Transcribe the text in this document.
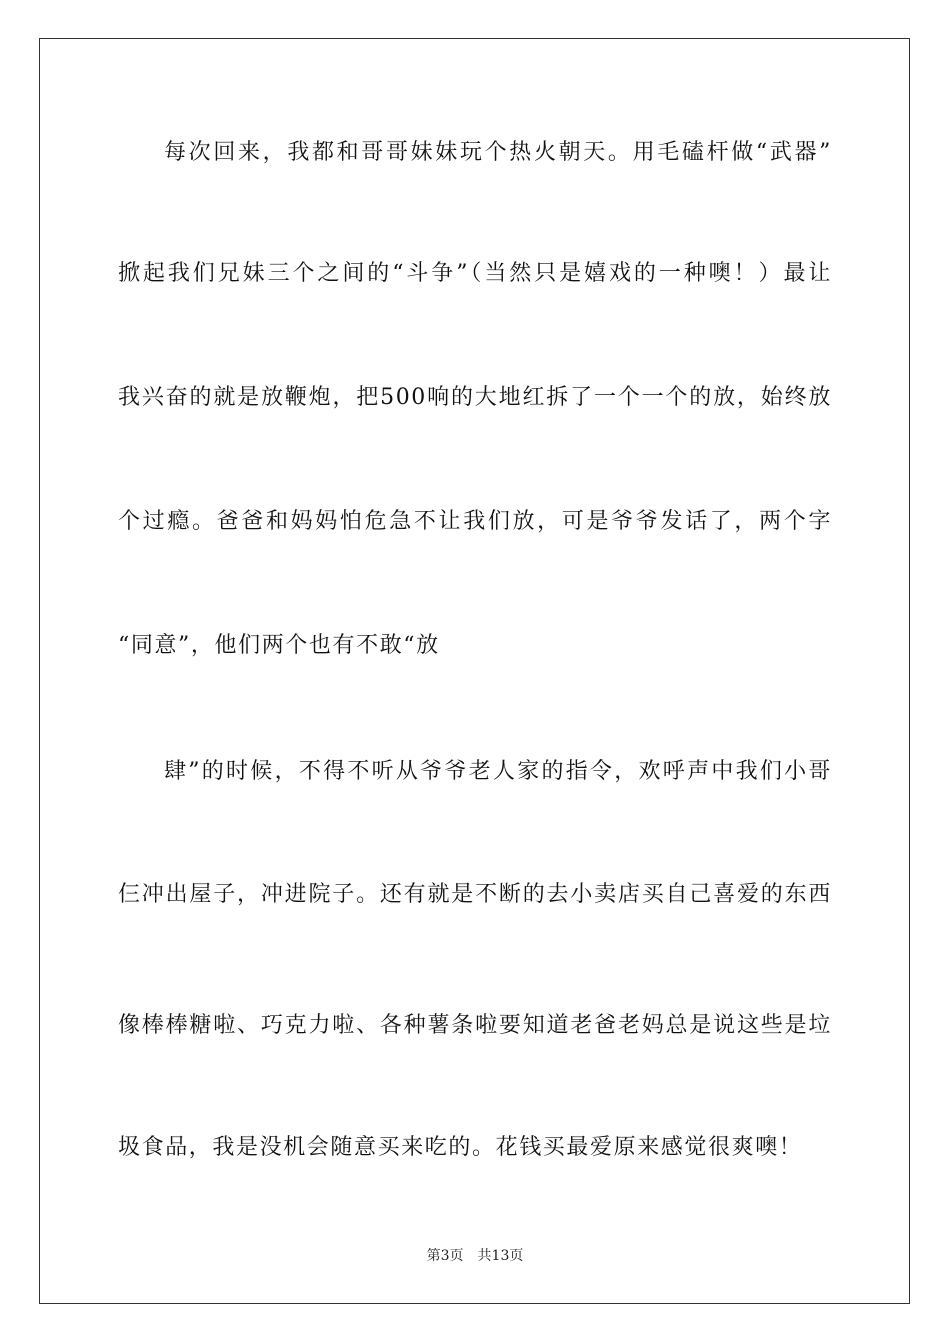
每次回来，我都和哥哥妹妹玩个热火朝天。用毛磕杆做“武器”
掀起我们兄妹三个之间的“斗争”（当然只是嬉戏的一种噢！）最让
我兴奋的就是放鞭炮，把500响的大地红拆了一个一个的放，始终放
个过瘾。爸爸和妈妈怕危急不让我们放，可是爷爷发话了，两个字
“同意”，他们两个也有不敢“放
肆”的时候，不得不听从爷爷老人家的指令，欢呼声中我们小哥
仨冲出屋子，冲进院子。还有就是不断的去小卖店买自己喜爱的东西
像棒棒糖啦、巧克力啦、各种薯条啦要知道老爸老妈总是说这些是垃
圾食品，我是没机会随意买来吃的。花钱买最爱原来感觉很爽噢！
第3页 共13页
